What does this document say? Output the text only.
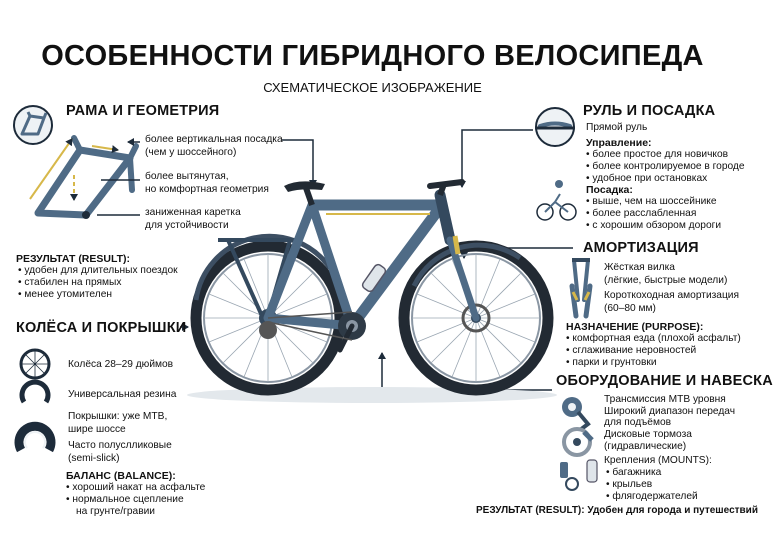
ОСОБЕННОСТИ ГИБРИДНОГО ВЕЛОСИПЕДА
СХЕМАТИЧЕСКОЕ ИЗОБРАЖЕНИЕ
РАМА И ГЕОМЕТРИЯ
более вертикальная посадка
(чем у шоссейного)
более вытянутая,
но комфортная геометрия
заниженная каретка
для устойчивости
РЕЗУЛЬТАТ (RESULT):
• удобен для длительных поездок
• стабилен на прямых
• менее утомителен
КОЛЁСА И ПОКРЫШКИ
Колёса 28–29 дюймов
Универсальная резина
Покрышки: уже МТВ,
шире шоссе
Часто полуслликовые
(semi-slick)
БАЛАНС (BALANCE):
• хороший накат на асфальте
• нормальное сцепление
на грунте/гравии
РУЛЬ И ПОСАДКА
Прямой руль
Управление:
• более простое для новичков
• более контролируемое в городе
• удобное при остановках
Посадка:
• выше, чем на шоссейнике
• более расслабленная
• с хорошим обзором дороги
АМОРТИЗАЦИЯ
Жёсткая вилка
(лёгкие, быстрые модели)
Короткоходная амортизация
(60–80 мм)
НАЗНАЧЕНИЕ (PURPOSE):
• комфортная езда (плохой асфальт)
• сглаживание неровностей
• парки и грунтовки
ОБОРУДОВАНИЕ И НАВЕСКА
Трансмиссия МТВ уровня
Широкий диапазон передач
для подъёмов
Дисковые тормоза
(гидравлические)
Крепления (MOUNTS):
• багажника
• крыльев
• флягодержателей
РЕЗУЛЬТАТ (RESULT): Удобен для города и путешествий
